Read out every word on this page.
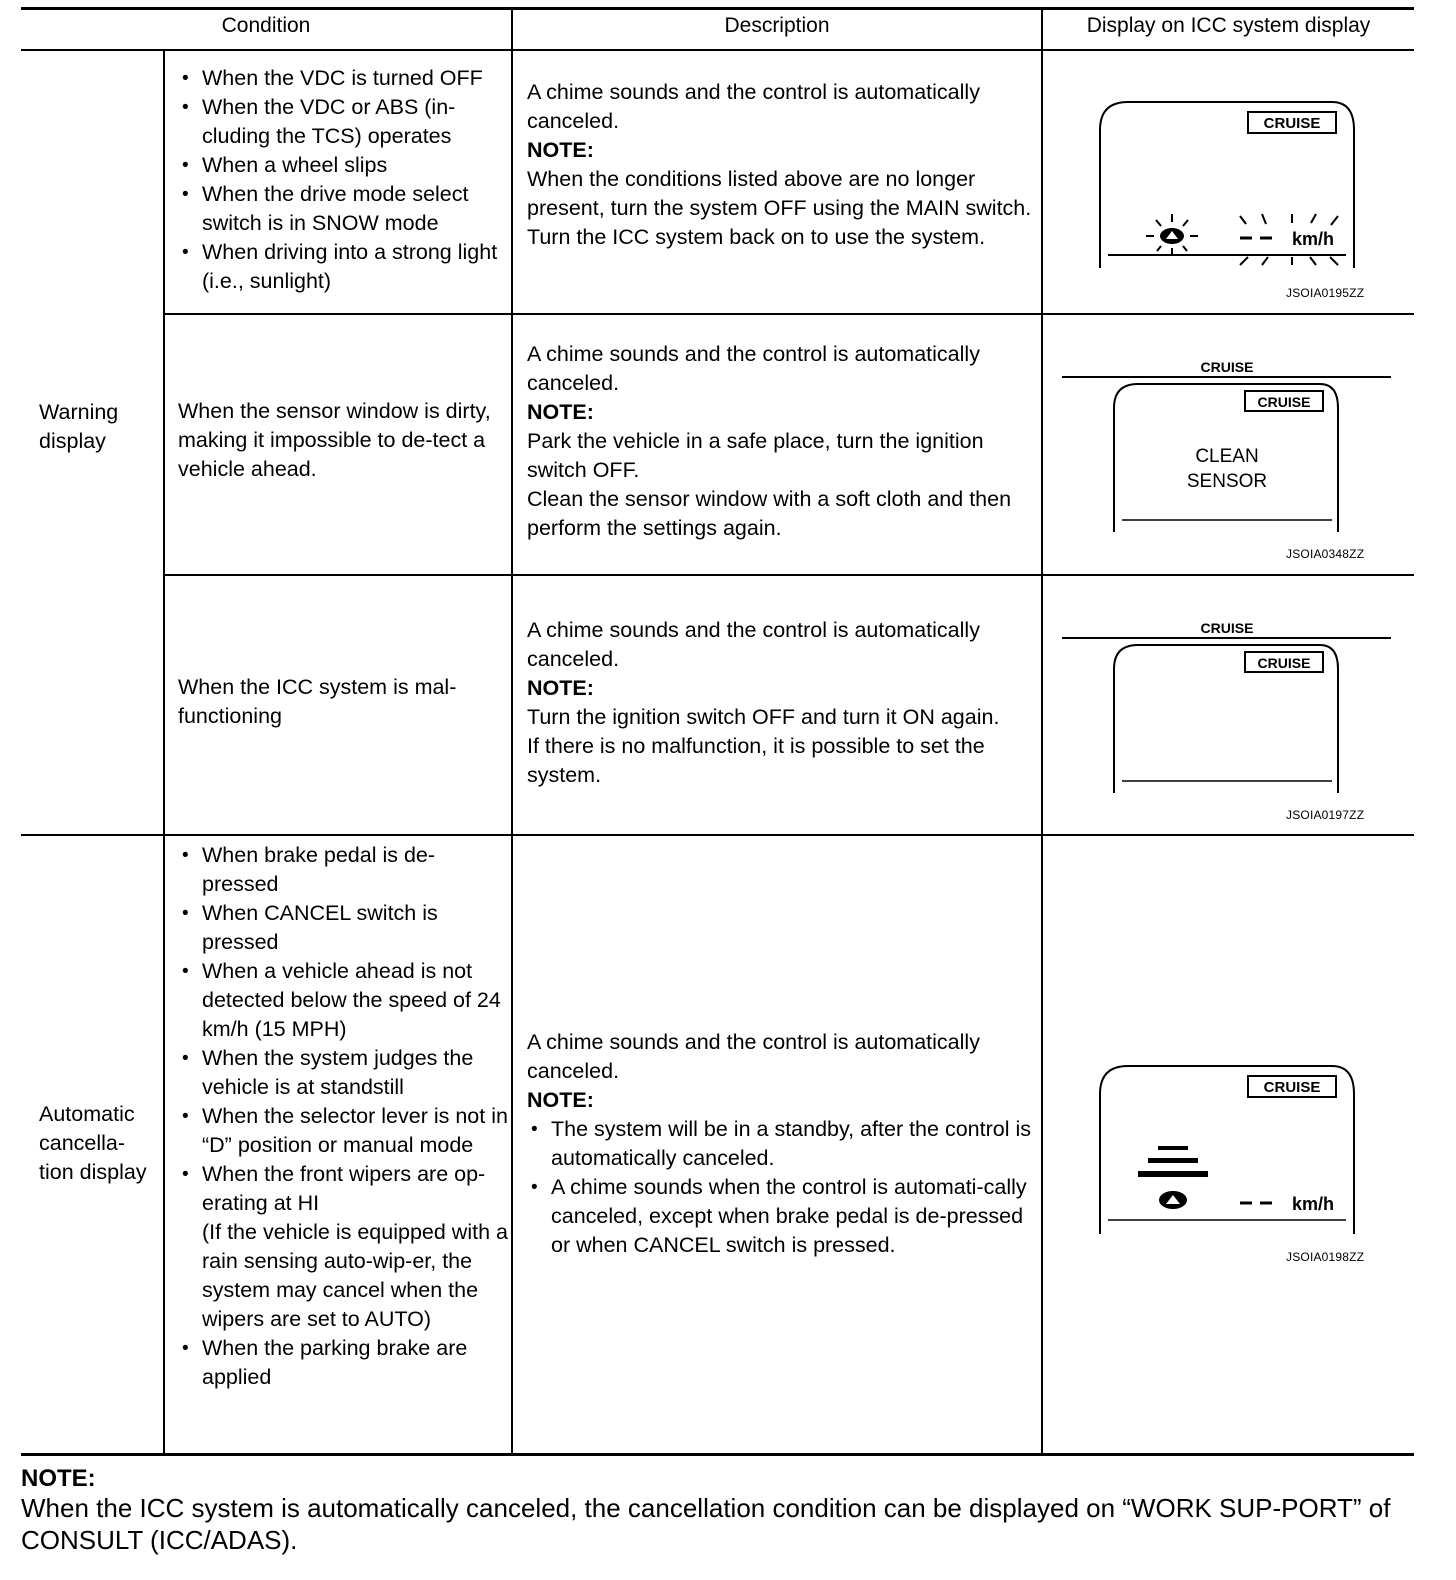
Condition	Description	Display on ICC system display
Warning
display
Automatic
cancella-
tion display
• When the VDC is turned OFF
• When the VDC or ABS (in-cluding the TCS) operates
• When a wheel slips
• When the drive mode select switch is in SNOW mode
• When driving into a strong light (i.e., sunlight)
A chime sounds and the control is automatically canceled.
NOTE:
When the conditions listed above are no longer present, turn the system OFF using the MAIN switch.
Turn the ICC system back on to use the system.
CRUISE
km/h
JSOIA0195ZZ
When the sensor window is dirty, making it impossible to de-tect a vehicle ahead.
A chime sounds and the control is automatically canceled.
NOTE:
Park the vehicle in a safe place, turn the ignition switch OFF.
Clean the sensor window with a soft cloth and then perform the settings again.
CRUISE
CRUISE
CLEAN
SENSOR
JSOIA0348ZZ
When the ICC system is mal-functioning
A chime sounds and the control is automatically canceled.
NOTE:
Turn the ignition switch OFF and turn it ON again.
If there is no malfunction, it is possible to set the system.
CRUISE
CRUISE
JSOIA0197ZZ
• When brake pedal is de-pressed
• When CANCEL switch is pressed
• When a vehicle ahead is not detected below the speed of 24 km/h (15 MPH)
• When the system judges the vehicle is at standstill
• When the selector lever is not in “D” position or manual mode
• When the front wipers are op-erating at HI
(If the vehicle is equipped with a rain sensing auto-wip-er, the system may cancel when the wipers are set to AUTO)
• When the parking brake are applied
A chime sounds and the control is automatically canceled.
NOTE:
• The system will be in a standby, after the control is automatically canceled.
• A chime sounds when the control is automati-cally canceled, except when brake pedal is de-pressed or when CANCEL switch is pressed.
CRUISE
km/h
JSOIA0198ZZ
NOTE:
When the ICC system is automatically canceled, the cancellation condition can be displayed on “WORK SUP-PORT” of CONSULT (ICC/ADAS).
